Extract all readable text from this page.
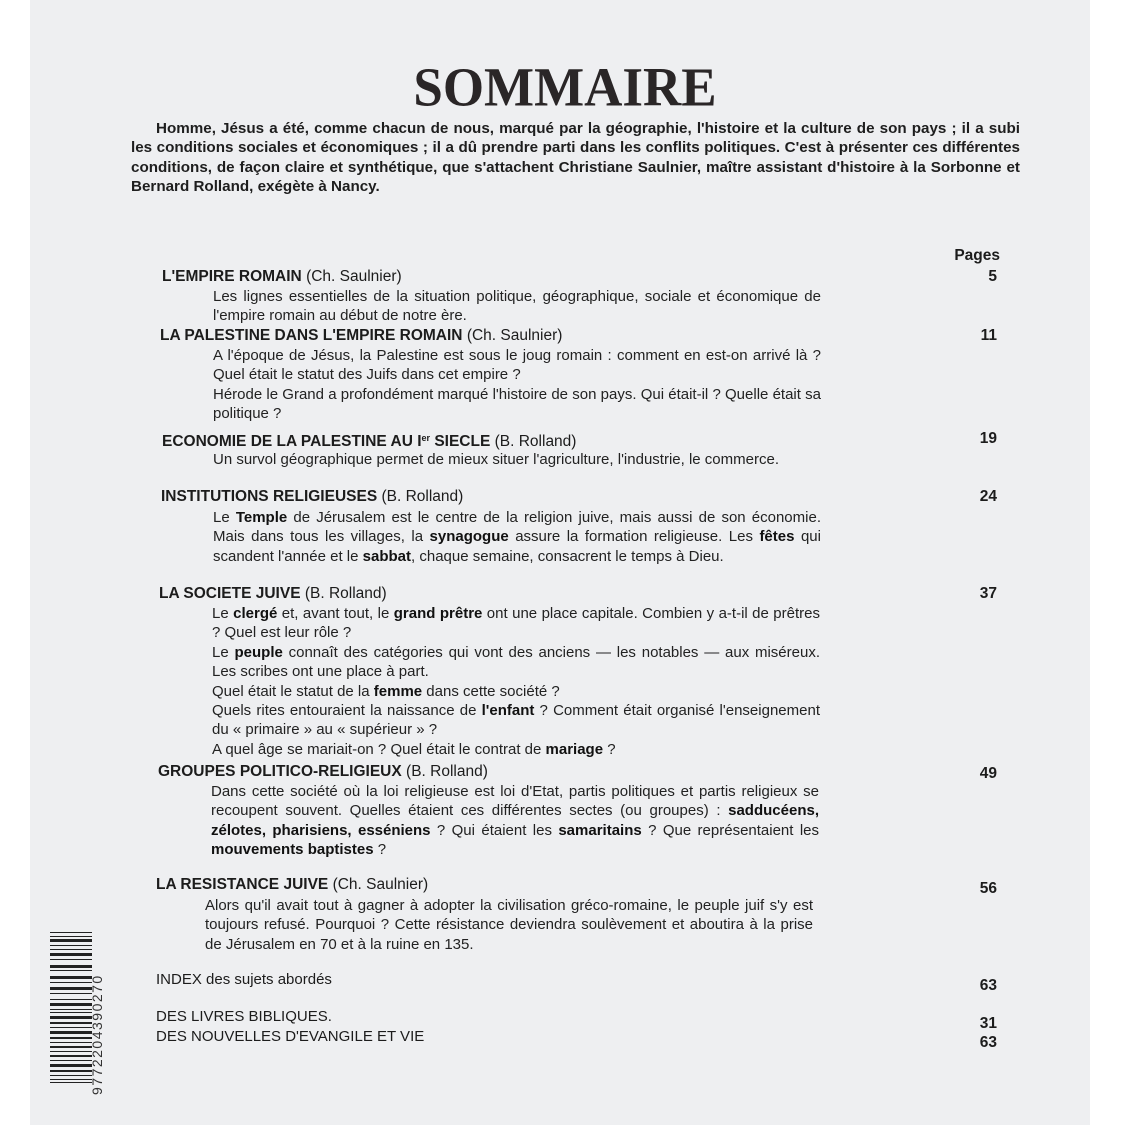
SOMMAIRE

Homme, Jésus a été, comme chacun de nous, marqué par la géographie, l'histoire et la culture de son pays ; il a subi les conditions sociales et économiques ; il a dû prendre parti dans les conflits politiques. C'est à présenter ces différentes conditions, de façon claire et synthétique, que s'attachent Christiane Saulnier, maître assistant d'histoire à la Sorbonne et Bernard Rolland, exégète à Nancy.

Pages
L'EMPIRE ROMAIN (Ch. Saulnier)	5

Les lignes essentielles de la situation politique, géographique, sociale et économique de l'empire romain au début de notre ère.

LA PALESTINE DANS L'EMPIRE ROMAIN (Ch. Saulnier)	11

A l'époque de Jésus, la Palestine est sous le joug romain : comment en est-on arrivé là ? Quel était le statut des Juifs dans cet empire ?

Hérode le Grand a profondément marqué l'histoire de son pays. Qui était-il ? Quelle était sa politique ?

ECONOMIE DE LA PALESTINE AU Ier SIECLE (B. Rolland)	19

Un survol géographique permet de mieux situer l'agriculture, l'industrie, le commerce.

INSTITUTIONS RELIGIEUSES (B. Rolland)	24

Le Temple de Jérusalem est le centre de la religion juive, mais aussi de son économie. Mais dans tous les villages, la synagogue assure la formation religieuse. Les fêtes qui scandent l'année et le sabbat, chaque semaine, consacrent le temps à Dieu.

LA SOCIETE JUIVE (B. Rolland)	37

Le clergé et, avant tout, le grand prêtre ont une place capitale. Combien y a-t-il de prêtres ? Quel est leur rôle ?

Le peuple connaît des catégories qui vont des anciens — les notables — aux miséreux. Les scribes ont une place à part.

Quel était le statut de la femme dans cette société ?

Quels rites entouraient la naissance de l'enfant ? Comment était organisé l'enseignement du « primaire » au « supérieur » ?

A quel âge se mariait-on ? Quel était le contrat de mariage ?

GROUPES POLITICO-RELIGIEUX (B. Rolland)	49

Dans cette société où la loi religieuse est loi d'Etat, partis politiques et partis religieux se recoupent souvent. Quelles étaient ces différentes sectes (ou groupes) : sadducéens, zélotes, pharisiens, esséniens ? Qui étaient les samaritains ? Que représentaient les mouvements baptistes ?

LA RESISTANCE JUIVE (Ch. Saulnier)	56

Alors qu'il avait tout à gagner à adopter la civilisation gréco-romaine, le peuple juif s'y est toujours refusé. Pourquoi ? Cette résistance deviendra soulèvement et aboutira à la prise de Jérusalem en 70 et à la ruine en 135.

INDEX des sujets abordés	63
DES LIVRES BIBLIQUES.	31
DES NOUVELLES D'EVANGILE ET VIE	63
9772204390270
